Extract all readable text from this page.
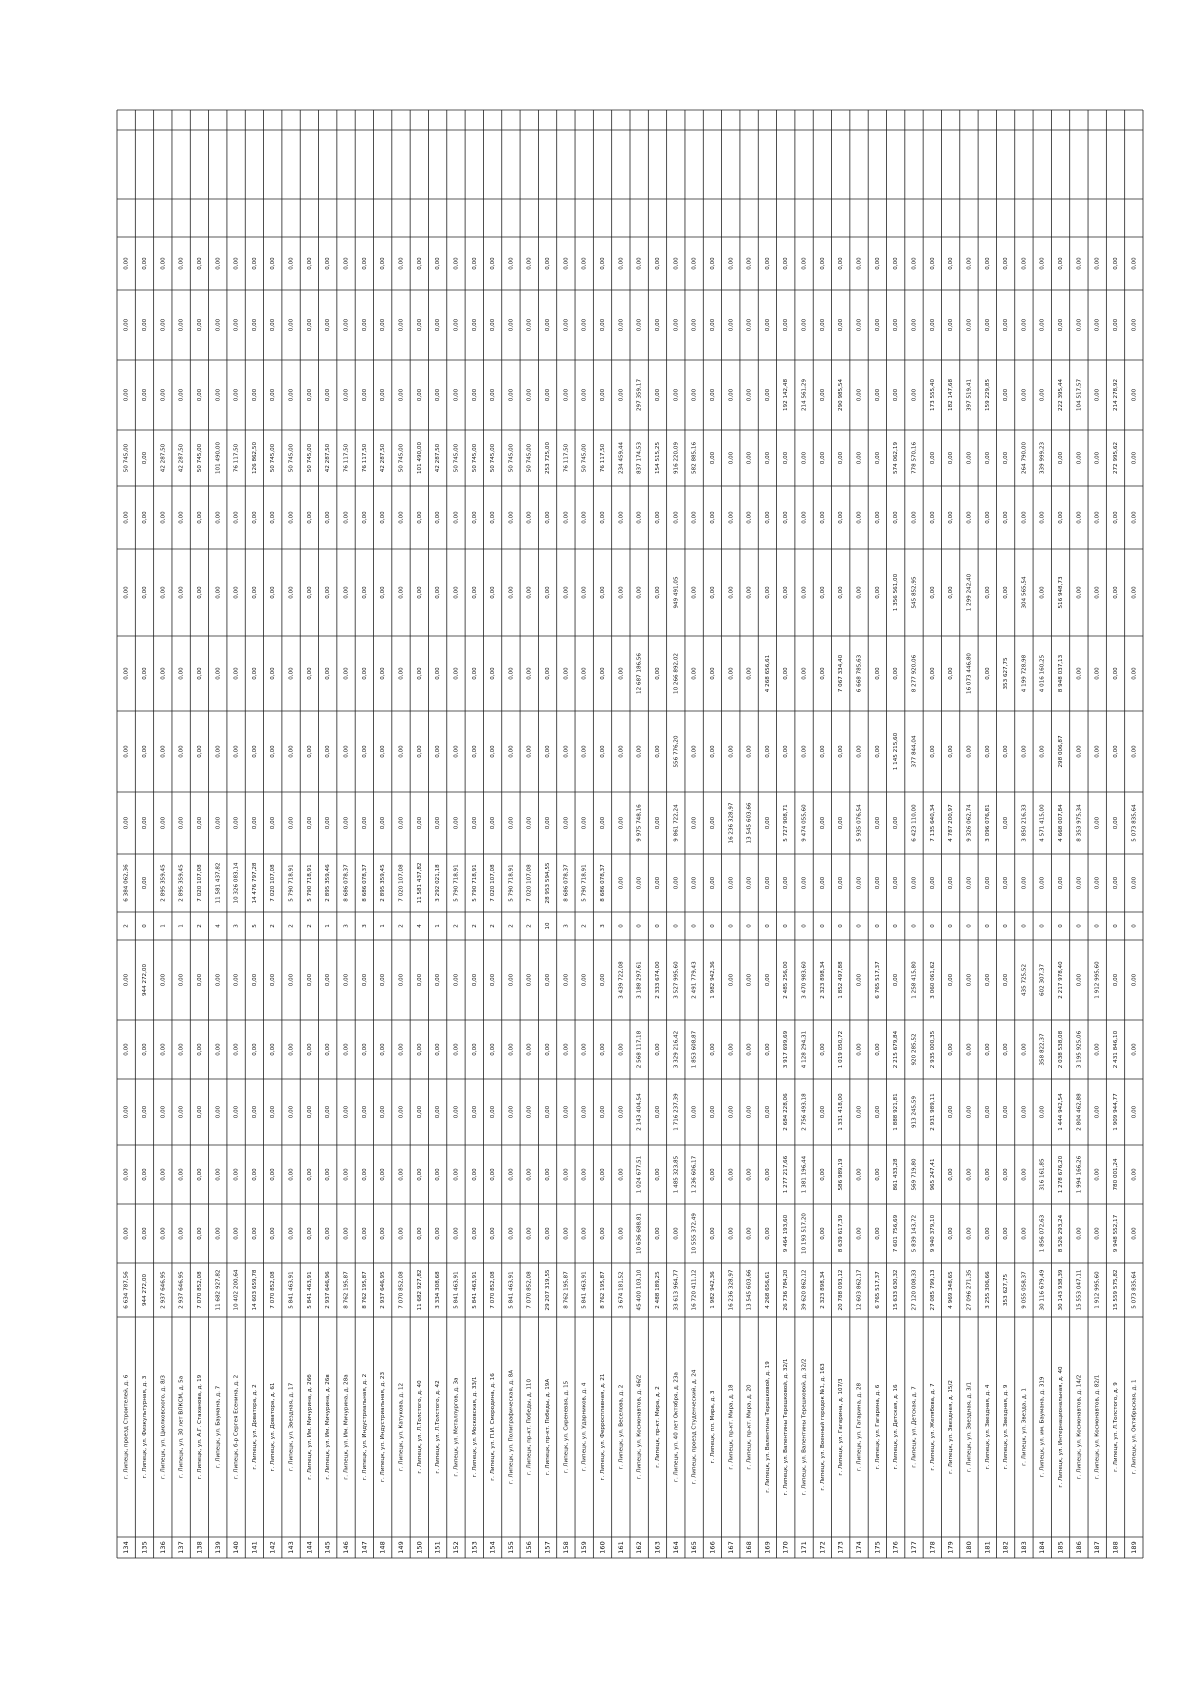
134
г. Липецк, проезд Строителей, д. 6
6 634 787,56
0,00
0,00
0,00
0,00
0,00
2
6 384 062,36
0,00
0,00
0,00
0,00
0,00
50 745,00
0,00
0,00
0,00
135
г. Липецк, ул. Физкультурная, д. 3
944 272,00
0,00
0,00
0,00
0,00
944 272,00
0
0,00
0,00
0,00
0,00
0,00
0,00
0,00
0,00
0,00
0,00
136
г. Липецк, ул. Циолковского, д. 8/3
2 937 646,95
0,00
0,00
0,00
0,00
0,00
1
2 895 359,45
0,00
0,00
0,00
0,00
0,00
42 287,50
0,00
0,00
0,00
137
г. Липецк, ул. 30 лет ВЛКСМ, д. 5а
2 937 646,95
0,00
0,00
0,00
0,00
0,00
1
2 895 359,45
0,00
0,00
0,00
0,00
0,00
42 287,50
0,00
0,00
0,00
138
г. Липецк, ул. А.Г. Стаханова, д. 19
7 070 852,08
0,00
0,00
0,00
0,00
0,00
2
7 020 107,08
0,00
0,00
0,00
0,00
0,00
50 745,00
0,00
0,00
0,00
139
г. Липецк, ул. Баумана, д. 7
11 682 927,82
0,00
0,00
0,00
0,00
0,00
4
11 581 437,82
0,00
0,00
0,00
0,00
0,00
101 490,00
0,00
0,00
0,00
140
г. Липецк, б-р Сергея Есенина, д. 2
10 402 200,64
0,00
0,00
0,00
0,00
0,00
3
10 326 083,14
0,00
0,00
0,00
0,00
0,00
76 117,50
0,00
0,00
0,00
141
г. Липецк, ул. Доватора, д. 2
14 603 659,78
0,00
0,00
0,00
0,00
0,00
5
14 476 797,28
0,00
0,00
0,00
0,00
0,00
126 862,50
0,00
0,00
0,00
142
г. Липецк, ул. Доватора, д. 61
7 070 852,08
0,00
0,00
0,00
0,00
0,00
2
7 020 107,08
0,00
0,00
0,00
0,00
0,00
50 745,00
0,00
0,00
0,00
143
г. Липецк, ул. Звездная, д. 17
5 841 463,91
0,00
0,00
0,00
0,00
0,00
2
5 790 718,91
0,00
0,00
0,00
0,00
0,00
50 745,00
0,00
0,00
0,00
144
г. Липецк, ул. Им. Мичурина, д. 26б
5 841 463,91
0,00
0,00
0,00
0,00
0,00
2
5 790 718,91
0,00
0,00
0,00
0,00
0,00
50 745,00
0,00
0,00
0,00
145
г. Липецк, ул. Им. Мичурина, д. 26в
2 937 646,96
0,00
0,00
0,00
0,00
0,00
1
2 895 359,46
0,00
0,00
0,00
0,00
0,00
42 287,50
0,00
0,00
0,00
146
г. Липецк, ул. Им. Мичурина, д. 28а
8 762 195,87
0,00
0,00
0,00
0,00
0,00
3
8 686 078,37
0,00
0,00
0,00
0,00
0,00
76 117,50
0,00
0,00
0,00
147
г. Липецк, ул. Индустриальная, д. 2
8 762 195,87
0,00
0,00
0,00
0,00
0,00
3
8 686 078,37
0,00
0,00
0,00
0,00
0,00
76 117,50
0,00
0,00
0,00
148
г. Липецк, ул. Индустриальная, д. 23
2 937 646,95
0,00
0,00
0,00
0,00
0,00
1
2 895 359,45
0,00
0,00
0,00
0,00
0,00
42 287,50
0,00
0,00
0,00
149
г. Липецк, ул. Катукова, д. 12
7 070 852,08
0,00
0,00
0,00
0,00
0,00
2
7 020 107,08
0,00
0,00
0,00
0,00
0,00
50 745,00
0,00
0,00
0,00
150
г. Липецк, ул. Л.Толстого, д. 40
11 682 927,82
0,00
0,00
0,00
0,00
0,00
4
11 581 437,82
0,00
0,00
0,00
0,00
0,00
101 490,00
0,00
0,00
0,00
151
г. Липецк, ул. Л.Толстого, д. 42
3 334 308,68
0,00
0,00
0,00
0,00
0,00
1
3 292 021,18
0,00
0,00
0,00
0,00
0,00
42 287,50
0,00
0,00
0,00
152
г. Липецк, ул. Металлургов, д. 3а
5 841 463,91
0,00
0,00
0,00
0,00
0,00
2
5 790 718,91
0,00
0,00
0,00
0,00
0,00
50 745,00
0,00
0,00
0,00
153
г. Липецк, ул. Московская, д. 33/1
5 841 463,91
0,00
0,00
0,00
0,00
0,00
2
5 790 718,91
0,00
0,00
0,00
0,00
0,00
50 745,00
0,00
0,00
0,00
154
г. Липецк, ул. П.И. Смородина, д. 16
7 070 852,08
0,00
0,00
0,00
0,00
0,00
2
7 020 107,08
0,00
0,00
0,00
0,00
0,00
50 745,00
0,00
0,00
0,00
155
г. Липецк, ул. Полиграфическая, д. 8А
5 841 463,91
0,00
0,00
0,00
0,00
0,00
2
5 790 718,91
0,00
0,00
0,00
0,00
0,00
50 745,00
0,00
0,00
0,00
156
г. Липецк, пр-кт. Победы, д. 110
7 070 852,08
0,00
0,00
0,00
0,00
0,00
2
7 020 107,08
0,00
0,00
0,00
0,00
0,00
50 745,00
0,00
0,00
0,00
157
г. Липецк, пр-кт. Победы, д. 19А
29 207 319,55
0,00
0,00
0,00
0,00
0,00
10
28 953 594,55
0,00
0,00
0,00
0,00
0,00
253 725,00
0,00
0,00
0,00
158
г. Липецк, ул. Сиреневая, д. 15
8 762 195,87
0,00
0,00
0,00
0,00
0,00
3
8 686 078,37
0,00
0,00
0,00
0,00
0,00
76 117,50
0,00
0,00
0,00
159
г. Липецк, ул. Ударников, д. 4
5 841 463,91
0,00
0,00
0,00
0,00
0,00
2
5 790 718,91
0,00
0,00
0,00
0,00
0,00
50 745,00
0,00
0,00
0,00
160
г. Липецк, ул. Ферросплавная, д. 21
8 762 195,87
0,00
0,00
0,00
0,00
0,00
3
8 686 078,37
0,00
0,00
0,00
0,00
0,00
76 117,50
0,00
0,00
0,00
161
г. Липецк, ул. Веселова, д. 2
3 674 181,52
0,00
0,00
0,00
0,00
3 439 722,08
0
0,00
0,00
0,00
0,00
0,00
0,00
234 459,44
0,00
0,00
0,00
162
г. Липецк, ул. Космонавтов, д. 46/2
45 400 103,10
10 636 688,81
1 024 677,51
2 143 404,54
2 568 117,18
3 188 297,61
0
0,00
9 975 748,16
0,00
12 687 186,56
0,00
0,00
837 174,53
297 359,17
0,00
0,00
163
г. Липецк, пр-кт. Мира, д. 2
2 488 189,25
0,00
0,00
0,00
0,00
2 333 674,00
0
0,00
0,00
0,00
0,00
0,00
0,00
154 515,25
0,00
0,00
0,00
164
г. Липецк, ул. 40 лет Октября, д. 23а
33 613 964,77
0,00
1 485 323,85
1 716 237,39
3 329 216,42
3 527 995,60
0
0,00
9 861 722,24
556 776,20
10 266 892,02
949 491,05
0,00
916 220,09
0,00
0,00
0,00
165
г. Липецк, проезд Студенческий, д. 24
16 720 411,12
10 555 372,49
1 236 606,17
0,00
1 853 608,87
2 491 779,43
0
0,00
0,00
0,00
0,00
0,00
0,00
582 885,16
0,00
0,00
0,00
166
г. Липецк, пл. Мира, д. 3
1 982 942,36
0,00
0,00
0,00
0,00
1 982 942,36
0
0,00
0,00
0,00
0,00
0,00
0,00
0,00
0,00
0,00
0,00
167
г. Липецк, пр-кт. Мира, д. 18
16 236 328,97
0,00
0,00
0,00
0,00
0,00
0
0,00
16 236 328,97
0,00
0,00
0,00
0,00
0,00
0,00
0,00
0,00
168
г. Липецк, пр-кт. Мира, д. 20
13 545 603,66
0,00
0,00
0,00
0,00
0,00
0
0,00
13 545 603,66
0,00
0,00
0,00
0,00
0,00
0,00
0,00
0,00
169
г. Липецк, ул. Валентины Терешковой, д. 19
4 268 656,61
0,00
0,00
0,00
0,00
0,00
0
0,00
0,00
0,00
4 268 656,61
0,00
0,00
0,00
0,00
0,00
0,00
170
г. Липецк, ул. Валентины Терешковой, д. 32/1
26 736 784,20
9 464 193,60
1 277 217,66
2 684 228,06
3 917 699,69
2 485 256,00
0
0,00
5 727 908,71
0,00
0,00
0,00
0,00
0,00
192 142,48
0,00
0,00
171
г. Липецк, ул. Валентины Терешковой, д. 32/2
39 620 862,12
10 193 517,20
1 381 196,44
2 756 493,18
4 128 294,31
3 470 983,60
0
0,00
9 474 055,60
0,00
0,00
0,00
0,00
0,00
214 561,29
0,00
0,00
172
г. Липецк, ул. Военный городок №1, д. 163
2 323 898,34
0,00
0,00
0,00
0,00
2 323 898,34
0
0,00
0,00
0,00
0,00
0,00
0,00
0,00
0,00
0,00
0,00
173
г. Липецк, ул. Гагарина, д. 107/3
20 788 093,12
8 639 617,39
586 989,19
1 331 418,00
1 019 050,72
1 852 497,88
0
0,00
0,00
0,00
7 067 334,40
0,00
0,00
0,00
290 985,54
0,00
0,00
174
г. Липецк, ул. Гагарина, д. 28
12 603 862,17
0,00
0,00
0,00
0,00
0,00
0
0,00
5 935 076,54
0,00
6 668 785,63
0,00
0,00
0,00
0,00
0,00
0,00
175
г. Липецк, ул. Гагарина, д. 6
6 765 517,37
0,00
0,00
0,00
0,00
6 765 517,37
0
0,00
0,00
0,00
0,00
0,00
0,00
0,00
0,00
0,00
0,00
176
г. Липецк, ул. Детская, д. 16
15 633 630,32
7 601 756,69
861 433,28
1 888 921,81
2 215 679,84
0,00
0
0,00
0,00
1 145 215,60
0,00
1 356 561,00
0,00
574 062,19
0,00
0,00
0,00
177
г. Липецк, ул. Детская, д. 7
27 120 008,33
5 839 143,72
569 719,80
913 245,59
920 285,52
1 258 415,80
0
0,00
6 423 110,00
377 844,04
8 277 920,06
545 852,95
0,00
778 570,16
0,00
0,00
0,00
178
г. Липецк, ул. Желябова, д. 7
27 085 799,13
9 940 379,10
965 247,41
2 931 989,11
2 935 000,35
3 060 061,62
0
0,00
7 135 640,34
0,00
0,00
0,00
0,00
0,00
173 555,40
0,00
0,00
179
г. Липецк, ул. Звездная, д. 15/2
4 969 348,65
0,00
0,00
0,00
0,00
0,00
0
0,00
4 787 200,97
0,00
0,00
0,00
0,00
0,00
182 147,68
0,00
0,00
180
г. Липецк, ул. Звездная, д. 3/1
27 096 271,35
0,00
0,00
0,00
0,00
0,00
0
0,00
9 326 062,74
0,00
16 073 446,80
1 299 242,40
0,00
0,00
397 519,41
0,00
0,00
181
г. Липецк, ул. Звездная, д. 4
3 255 306,66
0,00
0,00
0,00
0,00
0,00
0
0,00
3 096 076,81
0,00
0,00
0,00
0,00
0,00
159 229,85
0,00
0,00
182
г. Липецк, ул. Звездная, д. 9
353 627,75
0,00
0,00
0,00
0,00
0,00
0
0,00
0,00
0,00
353 627,75
0,00
0,00
0,00
0,00
0,00
0,00
183
г. Липецк, ул. Звезда, д. 1
9 055 058,37
0,00
0,00
0,00
0,00
435 725,52
0
0,00
3 850 216,33
0,00
4 199 728,98
304 565,54
0,00
264 790,00
0,00
0,00
0,00
184
г. Липецк, ул. им. Баумана, д. 319
30 116 679,49
1 856 072,63
316 161,85
0,00
358 822,37
602 307,37
0
0,00
4 571 415,00
0,00
4 016 160,25
0,00
0,00
339 999,23
0,00
0,00
0,00
185
г. Липецк, ул. Интернациональная, д. 40
30 143 938,39
8 526 293,24
1 278 676,20
1 444 942,54
2 038 538,08
2 217 978,40
0
0,00
4 668 007,84
298 006,87
8 948 037,13
516 948,73
0,00
0,00
222 395,44
0,00
0,00
186
г. Липецк, ул. Космонавтов, д. 14/2
15 553 047,11
0,00
1 994 166,26
2 804 462,88
3 195 925,06
0,00
0
0,00
8 353 975,34
0,00
0,00
0,00
0,00
0,00
104 517,57
0,00
0,00
187
г. Липецк, ул. Космонавтов, д. 82/1
1 912 995,60
0,00
0,00
0,00
0,00
1 912 995,60
0
0,00
0,00
0,00
0,00
0,00
0,00
0,00
0,00
0,00
0,00
188
г. Липецк, ул. Л.Толстого, д. 9
15 559 575,82
9 948 552,17
780 001,24
1 909 944,77
2 431 846,10
0,00
0
0,00
0,00
0,00
0,00
0,00
0,00
272 995,62
214 278,92
0,00
0,00
189
г. Липецк, ул. Октябрьская, д. 1
5 073 835,64
0,00
0,00
0,00
0,00
0,00
0
0,00
5 073 835,64
0,00
0,00
0,00
0,00
0,00
0,00
0,00
0,00
